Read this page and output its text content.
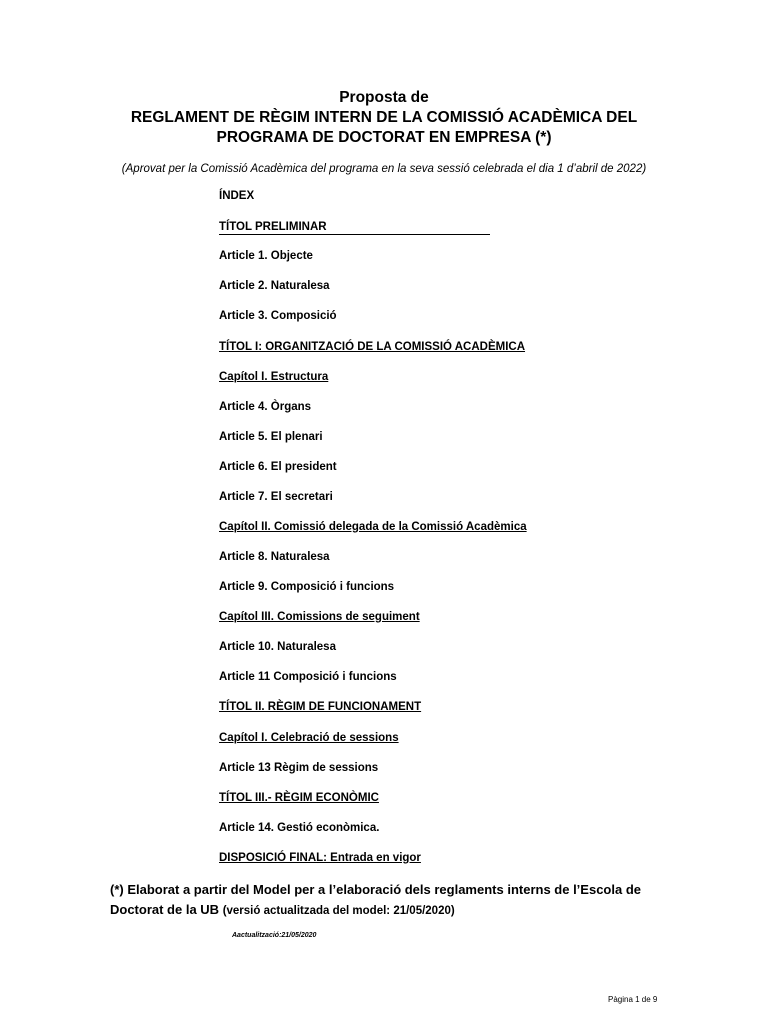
Proposta de
REGLAMENT DE RÈGIM INTERN DE LA COMISSIÓ ACADÈMICA DEL
PROGRAMA DE DOCTORAT EN EMPRESA (*)
(Aprovat per la Comissió Acadèmica del programa en la seva sessió celebrada el dia 1 d’abril de 2022)
ÍNDEX
TÍTOL PRELIMINAR
Article 1. Objecte
Article 2. Naturalesa
Article 3. Composició
TÍTOL I: ORGANITZACIÓ DE LA COMISSIÓ ACADÈMICA
Capítol I. Estructura
Article 4. Òrgans
Article 5. El plenari
Article 6. El president
Article 7. El secretari
Capítol II. Comissió delegada de la Comissió Acadèmica
Article 8. Naturalesa
Article 9. Composició i funcions
Capítol III. Comissions de seguiment
Article 10. Naturalesa
Article 11 Composició i funcions
TÍTOL II. RÈGIM DE FUNCIONAMENT
Capítol I. Celebració de sessions
Article 13 Règim de sessions
TÍTOL III.- RÈGIM ECONÒMIC
Article 14. Gestió econòmica.
DISPOSICIÓ FINAL: Entrada en vigor
(*) Elaborat a partir del Model per a l’elaboració dels reglaments interns de l’Escola de Doctorat de la UB (versió actualitzada del model: 21/05/2020)
Aactualització:21/05/2020
Pàgina 1 de 9
